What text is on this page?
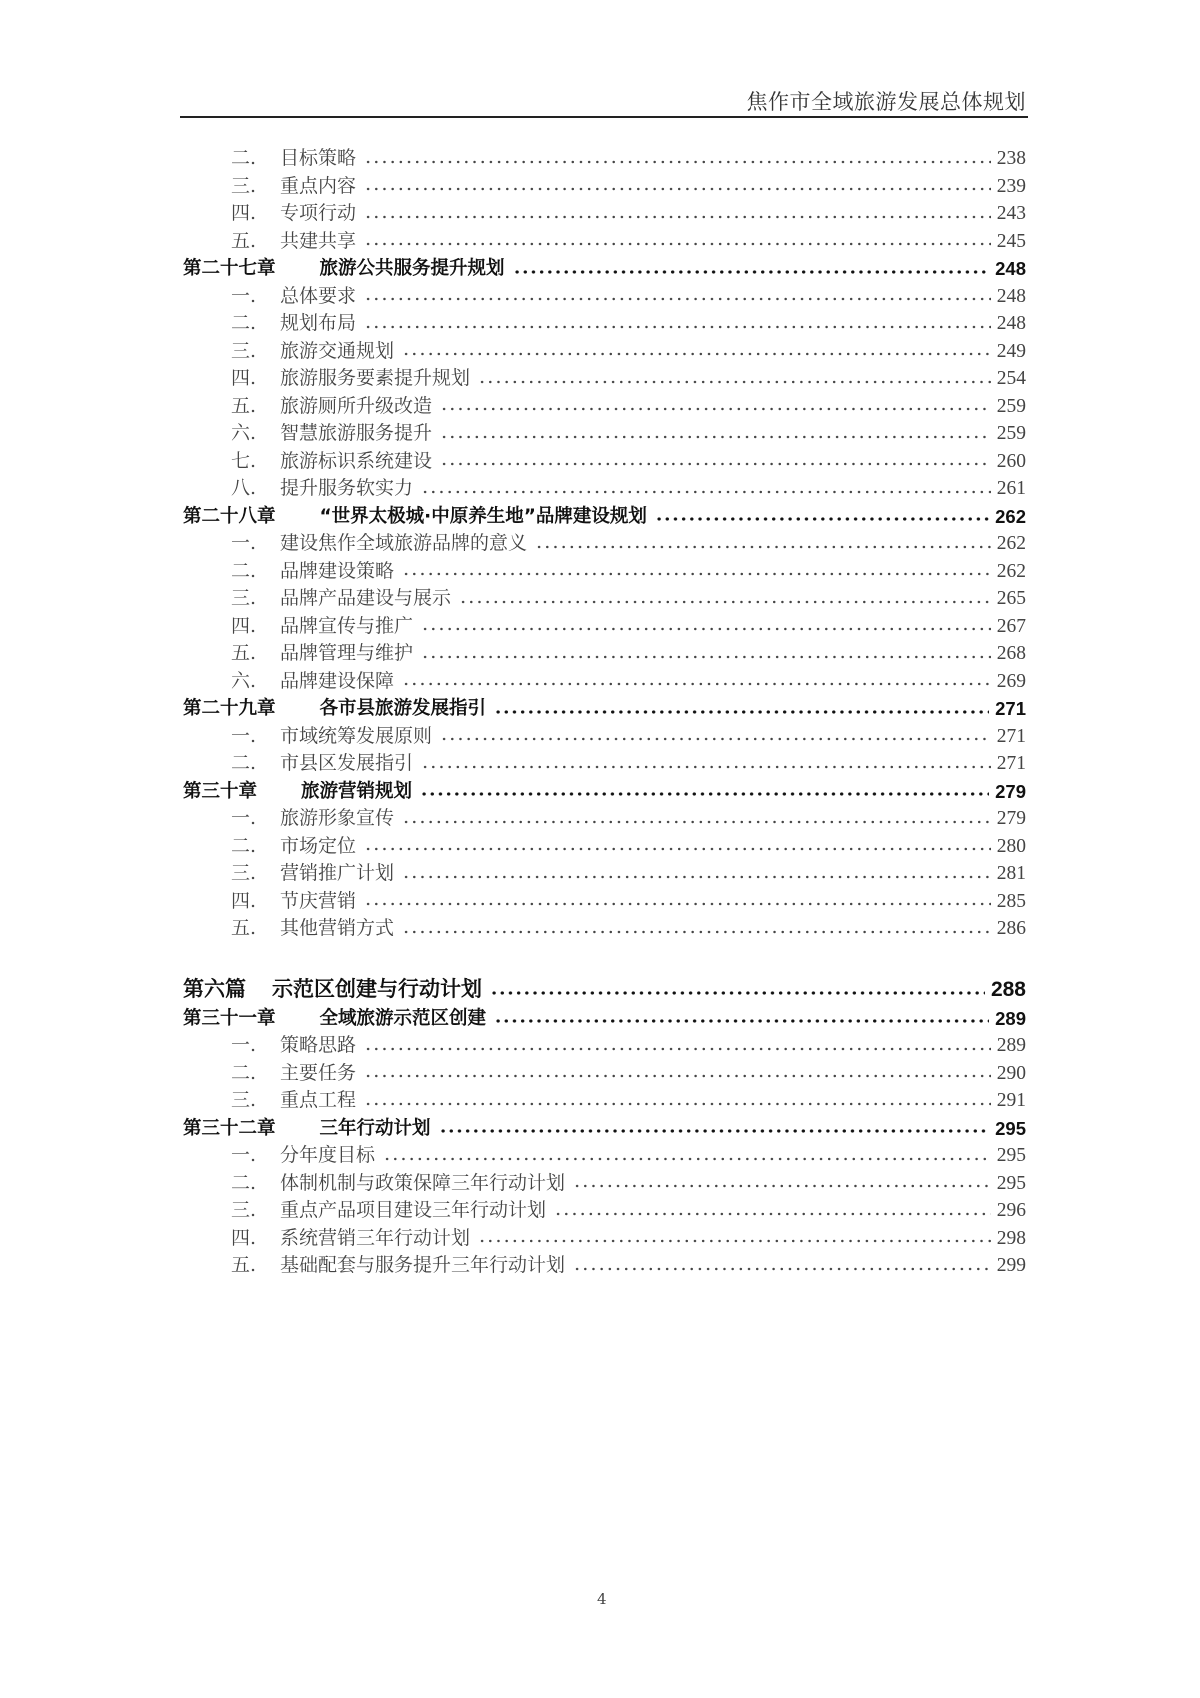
焦作市全域旅游发展总体规划
二.	目标策略	238
三.	重点内容	239
四.	专项行动	243
五.	共建共享	245
第二十七章 旅游公共服务提升规划	248
一.	总体要求	248
二.	规划布局	248
三.	旅游交通规划	249
四.	旅游服务要素提升规划	254
五.	旅游厕所升级改造	259
六.	智慧旅游服务提升	259
七.	旅游标识系统建设	260
八.	提升服务软实力	261
第二十八章 “世界太极城·中原养生地”品牌建设规划	262
一.	建设焦作全域旅游品牌的意义	262
二.	品牌建设策略	262
三.	品牌产品建设与展示	265
四.	品牌宣传与推广	267
五.	品牌管理与维护	268
六.	品牌建设保障	269
第二十九章 各市县旅游发展指引	271
一.	市域统筹发展原则	271
二.	市县区发展指引	271
第三十章 旅游营销规划	279
一.	旅游形象宣传	279
二.	市场定位	280
三.	营销推广计划	281
四.	节庆营销	285
五.	其他营销方式	286
第六篇 示范区创建与行动计划	288
第三十一章 全域旅游示范区创建	289
一.	策略思路	289
二.	主要任务	290
三.	重点工程	291
第三十二章 三年行动计划	295
一.	分年度目标	295
二.	体制机制与政策保障三年行动计划	295
三.	重点产品项目建设三年行动计划	296
四.	系统营销三年行动计划	298
五.	基础配套与服务提升三年行动计划	299
4
